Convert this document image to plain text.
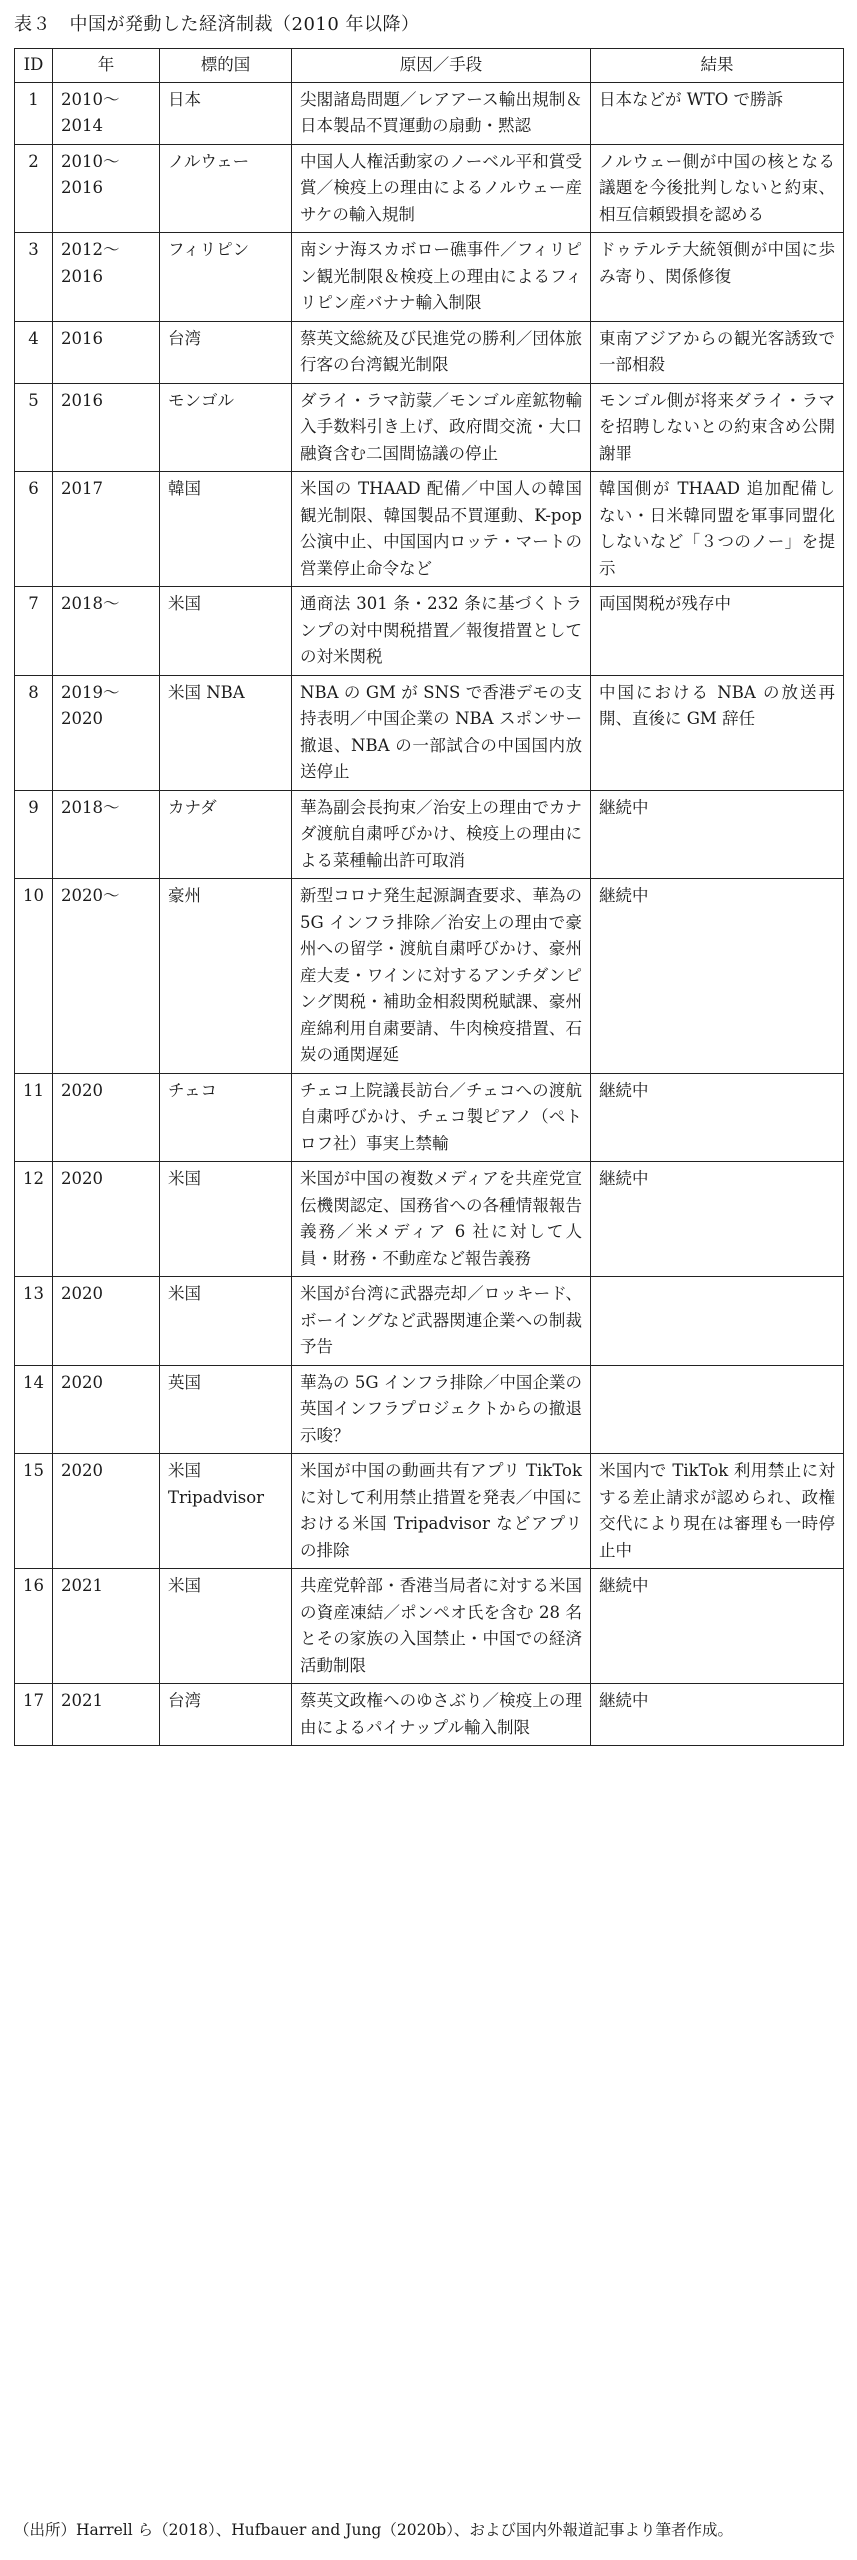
表３　中国が発動した経済制裁（2010 年以降）
ID	年	標的国	原因／手段	結果
1	2010〜2014	日本	尖閣諸島問題／レアアース輸出規制＆日本製品不買運動の扇動・黙認	日本などが WTO で勝訴
2	2010〜2016	ノルウェー	中国人人権活動家のノーベル平和賞受賞／検疫上の理由によるノルウェー産サケの輸入規制	ノルウェー側が中国の核となる議題を今後批判しないと約束、相互信頼毀損を認める
3	2012〜2016	フィリピン	南シナ海スカボロー礁事件／フィリピン観光制限＆検疫上の理由によるフィリピン産バナナ輸入制限	ドゥテルテ大統領側が中国に歩み寄り、関係修復
4	2016	台湾	蔡英文総統及び民進党の勝利／団体旅行客の台湾観光制限	東南アジアからの観光客誘致で一部相殺
5	2016	モンゴル	ダライ・ラマ訪蒙／モンゴル産鉱物輸入手数料引き上げ、政府間交流・大口融資含む二国間協議の停止	モンゴル側が将来ダライ・ラマを招聘しないとの約束含め公開謝罪
6	2017	韓国	米国の THAAD 配備／中国人の韓国観光制限、韓国製品不買運動、K-pop 公演中止、中国国内ロッテ・マートの営業停止命令など	韓国側が THAAD 追加配備しない・日米韓同盟を軍事同盟化しないなど「３つのノー」を提示
7	2018〜	米国	通商法 301 条・232 条に基づくトランプの対中関税措置／報復措置としての対米関税	両国関税が残存中
8	2019〜2020	米国 NBA	NBA の GM が SNS で香港デモの支持表明／中国企業の NBA スポンサー撤退、NBA の一部試合の中国国内放送停止	中国における NBA の放送再開、直後に GM 辞任
9	2018〜	カナダ	華為副会長拘束／治安上の理由でカナダ渡航自粛呼びかけ、検疫上の理由による菜種輸出許可取消	継続中
10	2020〜	豪州	新型コロナ発生起源調査要求、華為の 5G インフラ排除／治安上の理由で豪州への留学・渡航自粛呼びかけ、豪州産大麦・ワインに対するアンチダンピング関税・補助金相殺関税賦課、豪州産綿利用自粛要請、牛肉検疫措置、石炭の通関遅延	継続中
11	2020	チェコ	チェコ上院議長訪台／チェコへの渡航自粛呼びかけ、チェコ製ピアノ（ペトロフ社）事実上禁輸	継続中
12	2020	米国	米国が中国の複数メディアを共産党宣伝機関認定、国務省への各種情報報告義務／米メディア 6 社に対して人員・財務・不動産など報告義務	継続中
13	2020	米国	米国が台湾に武器売却／ロッキード、ボーイングなど武器関連企業への制裁予告	
14	2020	英国	華為の 5G インフラ排除／中国企業の英国インフラプロジェクトからの撤退示唆？	
15	2020	米国 Tripadvisor	米国が中国の動画共有アプリ TikTok に対して利用禁止措置を発表／中国における米国 Tripadvisor などアプリの排除	米国内で TikTok 利用禁止に対する差止請求が認められ、政権交代により現在は審理も一時停止中
16	2021	米国	共産党幹部・香港当局者に対する米国の資産凍結／ポンペオ氏を含む 28 名とその家族の入国禁止・中国での経済活動制限	継続中
17	2021	台湾	蔡英文政権へのゆさぶり／検疫上の理由によるパイナップル輸入制限	継続中
（出所）Harrell ら（2018）、Hufbauer and Jung（2020b）、および国内外報道記事より筆者作成。
